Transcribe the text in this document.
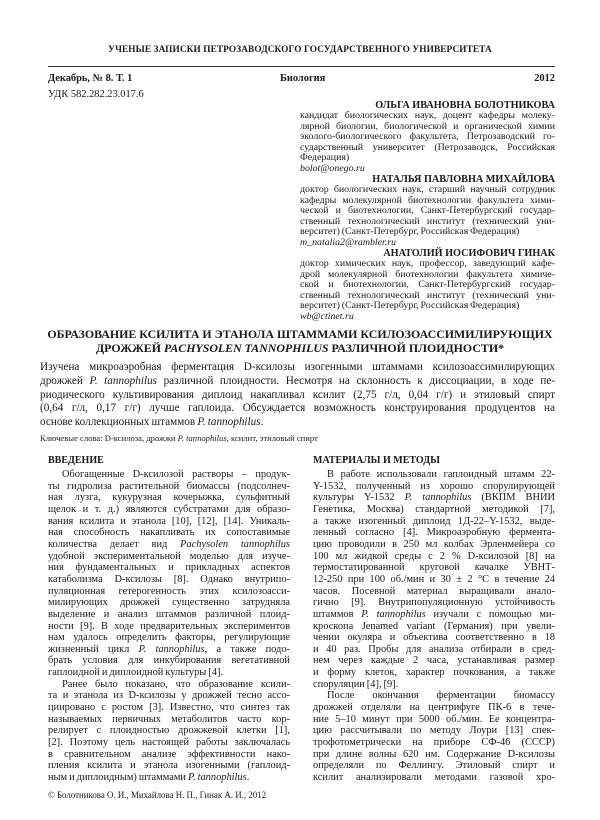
УЧЕНЫЕ ЗАПИСКИ ПЕТРОЗАВОДСКОГО ГОСУДАРСТВЕННОГО УНИВЕРСИТЕТА
Декабрь, № 8. Т. 1	Биология	2012
УДК 582.282.23.017.6
ОЛЬГА ИВАНОВНА БОЛОТНИКОВА
кандидат биологических наук, доцент кафедры молеку-
лярной биологии, биологической и органической химии
эколого-биологического факультета, Петрозаводский го-
сударственный университет (Петрозаводск, Российская
Федерация)
bolot@onego.ru
НАТАЛЬЯ ПАВЛОВНА МИХАЙЛОВА
доктор биологических наук, старший научный сотрудник
кафедры молекулярной биотехнологии факультета хими-
ческой и биотехнологии, Санкт-Петербургский государ-
ственный технологический институт (технический уни-
верситет) (Санкт-Петербург, Российская Федерация)
m_natalia2@rambler.ru
АНАТОЛИЙ ИОСИФОВИЧ ГИНАК
доктор химических наук, профессор, заведующий кафе-
дрой молекулярной биотехнологии факультета химиче-
ской и биотехнологии, Санкт-Петербургский государ-
ственный технологический институт (технический уни-
верситет) (Санкт-Петербург, Российская Федерация)
wb@ctinet.ru
ОБРАЗОВАНИЕ КСИЛИТА И ЭТАНОЛА ШТАММАМИ КСИЛОЗОАССИМИЛИРУЮЩИХ
ДРОЖЖЕЙ PACHYSOLEN TANNOPHILUS РАЗЛИЧНОЙ ПЛОИДНОСТИ*
Изучена микроаэробная ферментация D-ксилозы изогенными штаммами ксилозоассимилирующих
дрожжей P. tannophilus различной плоидности. Несмотря на склонность к диссоциации, в ходе пе-
риодического культивирования диплоид накапливал ксилит (2,75 г/л, 0,04 г/г) и этиловый спирт
(0,64 г/л, 0,17 г/г) лучше гаплоида. Обсуждается возможность конструирования продуцентов на
основе коллекционных штаммов P. tannophilus.
Ключевые слова: D-ксилоза, дрожжи P. tannophilus, ксилит, этиловый спирт
ВВЕДЕНИЕ
Обогащенные D-ксилозой растворы – продук-
ты гидролиза растительной биомассы (подсолнеч-
ная лузга, кукурузная кочерыжка, сульфитный
щелок и т. д.) являются субстратами для образо-
вания ксилита и этанола [10], [12], [14]. Уникаль-
ная способность накапливать их сопоставимые
количества делает вид Pachysolen tannophilus
удобной экспериментальной моделью для изуче-
ния фундаментальных и прикладных аспектов
катаболизма D-ксилозы [8]. Однако внутрипо-
пуляционная гетерогенность этих ксилозоасси-
милирующих дрожжей существенно затрудняла
выделение и анализ штаммов различной плоид-
ности [9]. В ходе предварительных экспериментов
нам удалось определить факторы, регулирующие
жизненный цикл P. tannophilus, а также подо-
брать условия для инкубирования вегетативной
гаплоидной и диплоидной культуры [4].
Ранее было показано, что образование ксили-
та и этанола из D-ксилозы у дрожжей тесно ассо-
циировано с ростом [3]. Известно, что синтез так
называемых первичных метаболитов часто кор-
релирует с плоидностью дрожжевой клетки [1],
[2]. Поэтому цель настоящей работы заключалась
в сравнительном анализе эффективности нако-
пления ксилита и этанола изогенными (гаплоид-
ным и диплоидным) штаммами P. tannophilus.
© Болотникова О. И., Михайлова Н. П., Гинак А. И., 2012
МАТЕРИАЛЫ И МЕТОДЫ
В работе использовали гаплоидный штамм 22-
Y-1532, полученный из хорошо спорулирующей
культуры Y-1532 P. tannophilus (ВКПМ ВНИИ
Генетика, Москва) стандартной методикой [7],
а также изогенный диплоид 1Д-22–Y-1532, выде-
ленный согласно [4]. Микроаэробную фермента-
цию проводили в 250 мл колбах Эрленмейера со
100 мл жидкой среды с 2 % D-ксилозой [8] на
термостатированной круговой качалке УВНТ-
12-250 при 100 об./мин и 30 ± 2 °С в течение 24
часов. Посевной материал выращивали анало-
гично [9]. Внутрипопуляционную устойчивость
штаммов P. tannophilus изучали с помощью ми-
кроскопа Jenamed variant (Германия) при увели-
чении окуляра и объектива соответственно в 18
и 40 раз. Пробы для анализа отбирали в сред-
нем через каждые 2 часа, устанавливая размер
и форму клеток, характер почкования, а также
споруляции [4], [9].
После окончания ферментации биомассу
дрожжей отделяли на центрифуге ПК-6 в тече-
ние 5–10 минут при 5000 об./мин. Ее концентра-
цию рассчитывали по методу Лоури [13] спек-
трофотометрически на приборе СФ-46 (СССР)
при длине волны 620 нм. Содержание D-ксилозы
определяли по Феллингу. Этиловый спирт и
ксилит анализировали методами газовой хро-
